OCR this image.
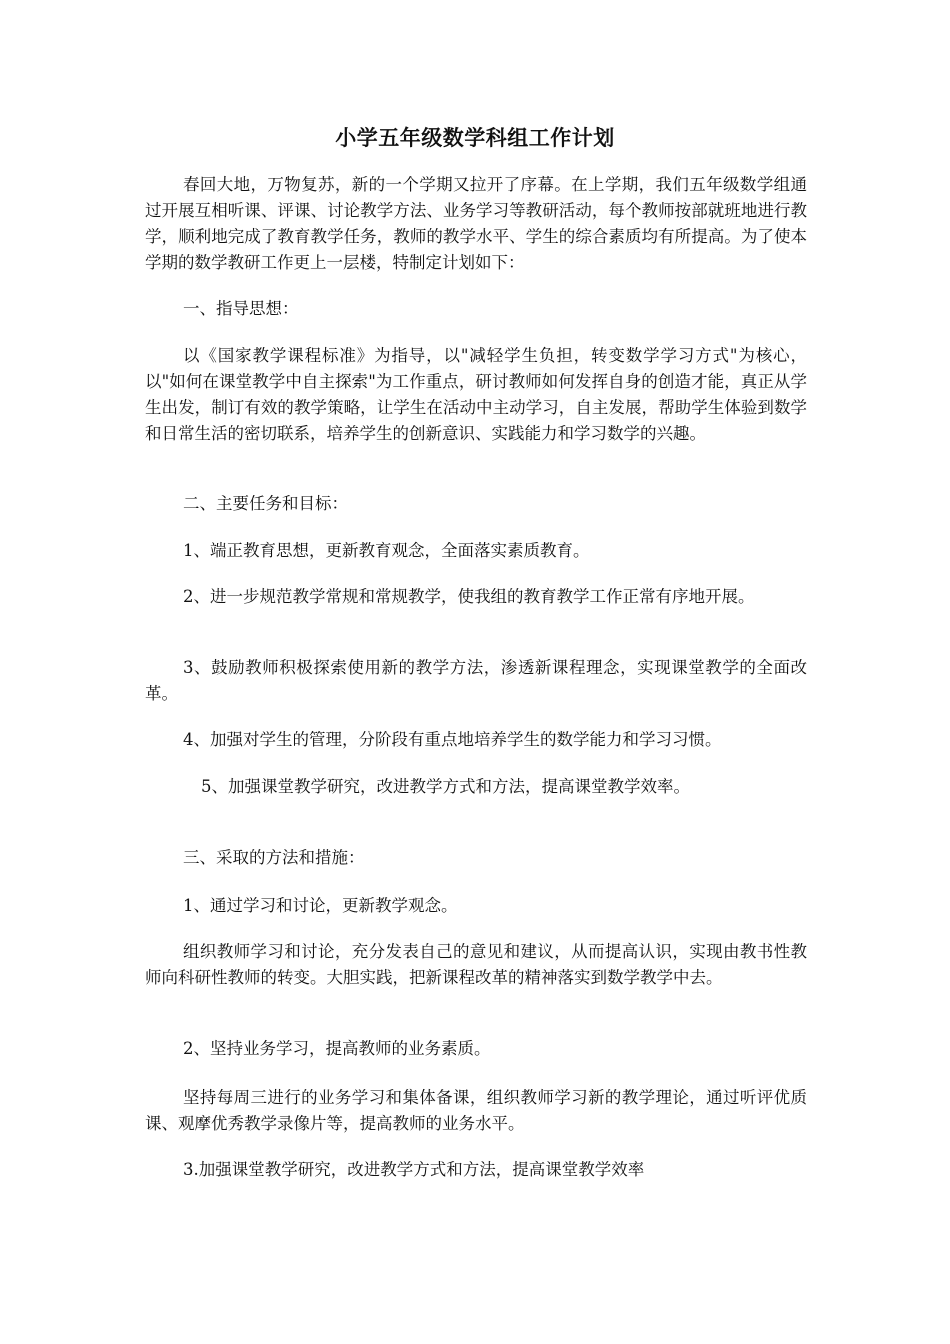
小学五年级数学科组工作计划

春回大地，万物复苏，新的一个学期又拉开了序幕。在上学期，我们五年级数学组通过开展互相听课、评课、讨论教学方法、业务学习等教研活动，每个教师按部就班地进行教学，顺利地完成了教育教学任务，教师的教学水平、学生的综合素质均有所提高。为了使本学期的数学教研工作更上一层楼，特制定计划如下：

一、指导思想：

以《国家教学课程标准》为指导，以"减轻学生负担，转变数学学习方式"为核心，以"如何在课堂教学中自主探索"为工作重点，研讨教师如何发挥自身的创造才能，真正从学生出发，制订有效的教学策略，让学生在活动中主动学习，自主发展，帮助学生体验到数学和日常生活的密切联系，培养学生的创新意识、实践能力和学习数学的兴趣。

二、主要任务和目标：

1、端正教育思想，更新教育观念，全面落实素质教育。

2、进一步规范教学常规和常规教学，使我组的教育教学工作正常有序地开展。

3、鼓励教师积极探索使用新的教学方法，渗透新课程理念，实现课堂教学的全面改革。

4、加强对学生的管理，分阶段有重点地培养学生的数学能力和学习习惯。

5、加强课堂教学研究，改进教学方式和方法，提高课堂教学效率。

三、采取的方法和措施：

1、通过学习和讨论，更新教学观念。

组织教师学习和讨论，充分发表自己的意见和建议，从而提高认识，实现由教书性教师向科研性教师的转变。大胆实践，把新课程改革的精神落实到数学教学中去。

2、坚持业务学习，提高教师的业务素质。

坚持每周三进行的业务学习和集体备课，组织教师学习新的教学理论，通过听评优质课、观摩优秀教学录像片等，提高教师的业务水平。

3.加强课堂教学研究，改进教学方式和方法，提高课堂教学效率
